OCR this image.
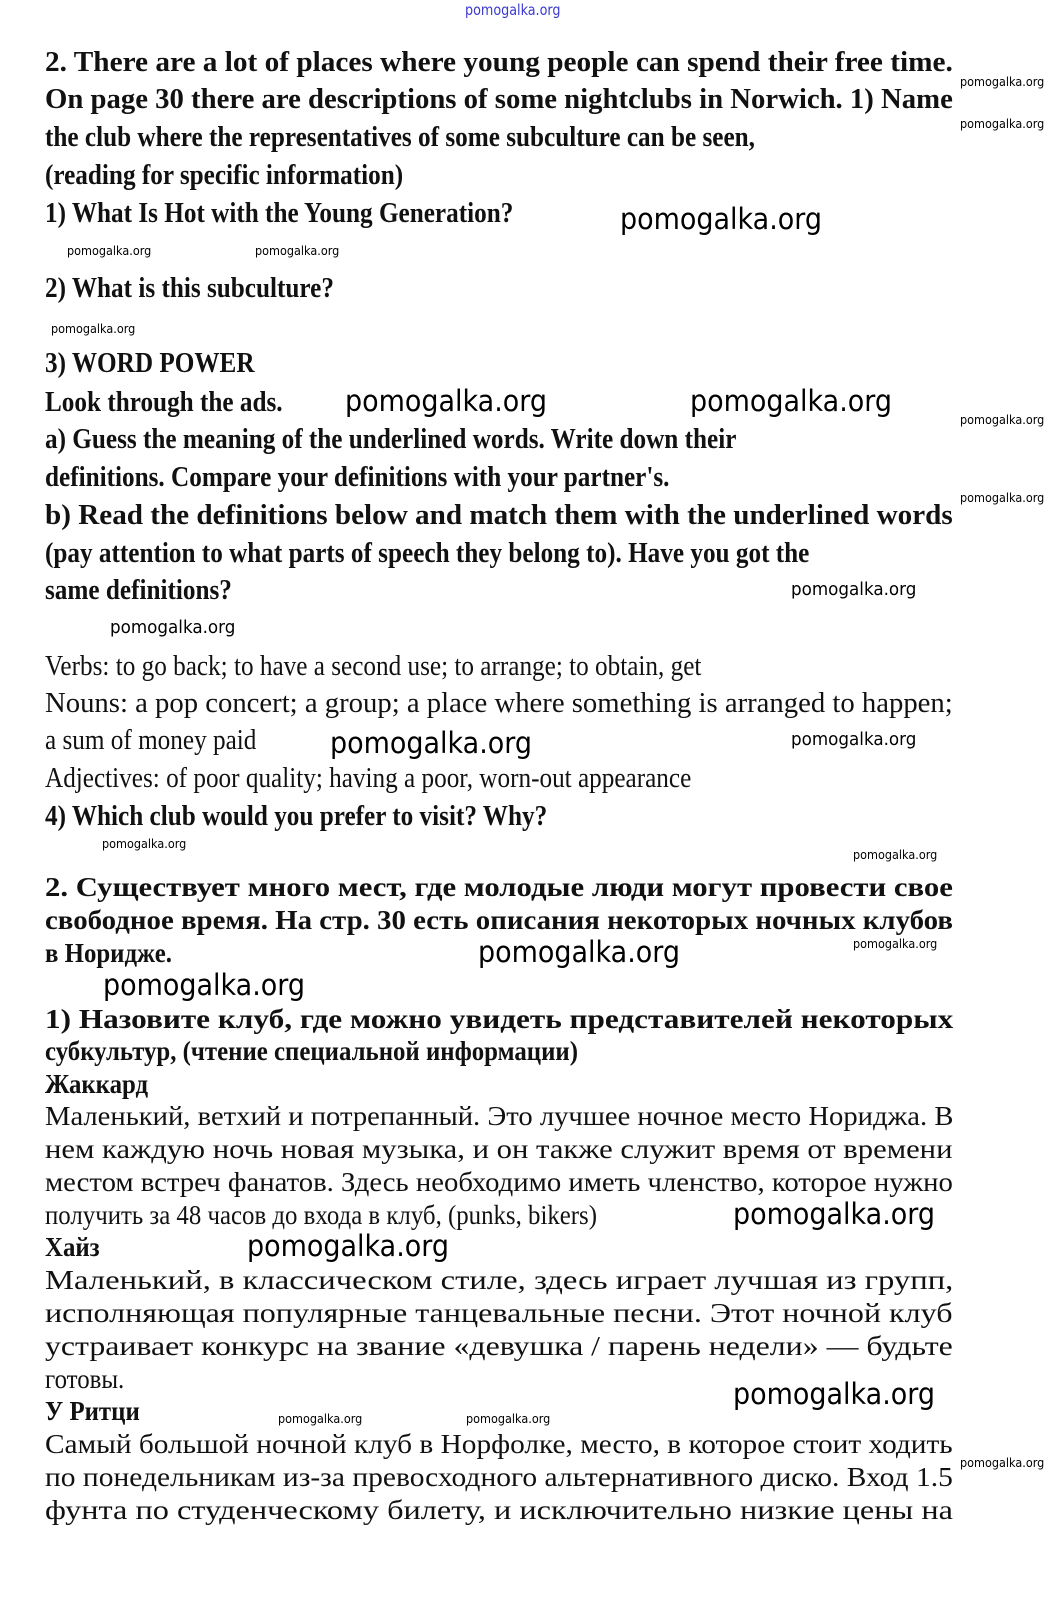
2. There are a lot of places where young people can spend their free time.
On page 30 there are descriptions of some nightclubs in Norwich. 1) Name
the club where the representatives of some subculture can be seen,
(reading for specific information)
1) What Is Hot with the Young Generation?
2) What is this subculture?
3) WORD POWER
Look through the ads.
a) Guess the meaning of the underlined words. Write down their
definitions. Compare your definitions with your partner's.
b) Read the definitions below and match them with the underlined words
(pay attention to what parts of speech they belong to). Have you got the
same definitions?
Verbs: to go back; to have a second use; to arrange; to obtain, get
Nouns: a pop concert; a group; a place where something is arranged to happen;
a sum of money paid
Adjectives: of poor quality; having a poor, worn-out appearance
4) Which club would you prefer to visit? Why?
2. Существует много мест, где молодые люди могут провести свое
свободное время. На стр. 30 есть описания некоторых ночных клубов
в Нoридже.
1) Назовите клуб, где можно увидеть представителей некоторых
субкультур, (чтение специальной информации)
Жаккард
Маленький, ветхий и потрепанный. Это лучшее ночное место Нориджа. В
нем каждую ночь новая музыка, и он также служит время от времени
местом встреч фанатов. Здесь необходимо иметь членство, которое нужно
получить за 48 часов до входа в клуб, (punks, bikers)
Хайз
Маленький, в классическом стиле, здесь играет лучшая из групп,
исполняющая популярные танцевальные песни. Этот ночной клуб
устраивает конкурс на звание «девушка / парень недели» — будьте
готовы.
У Ритци
Самый большой ночной клуб в Норфолке, место, в которое стоит ходить
по понедельникам из-за превосходного альтернативного диско. Вход 1.5
фунта по студенческому билету, и исключительно низкие цены на
pomogalka.org
pomogalka.org
pomogalka.org	pomogalka.org
pomogalka.org
pomogalka.org
pomogalka.org
pomogalka.org
pomogalka.org
pomogalka.org
pomogalka.org
pomogalka.org
pomogalka.org
pomogalka.org
pomogalka.org
pomogalka.org	pomogalka.org
pomogalka.org
pomogalka.org
pomogalka.org
pomogalka.org
pomogalka.org
pomogalka.org
pomogalka.org	pomogalka.org
pomogalka.org
